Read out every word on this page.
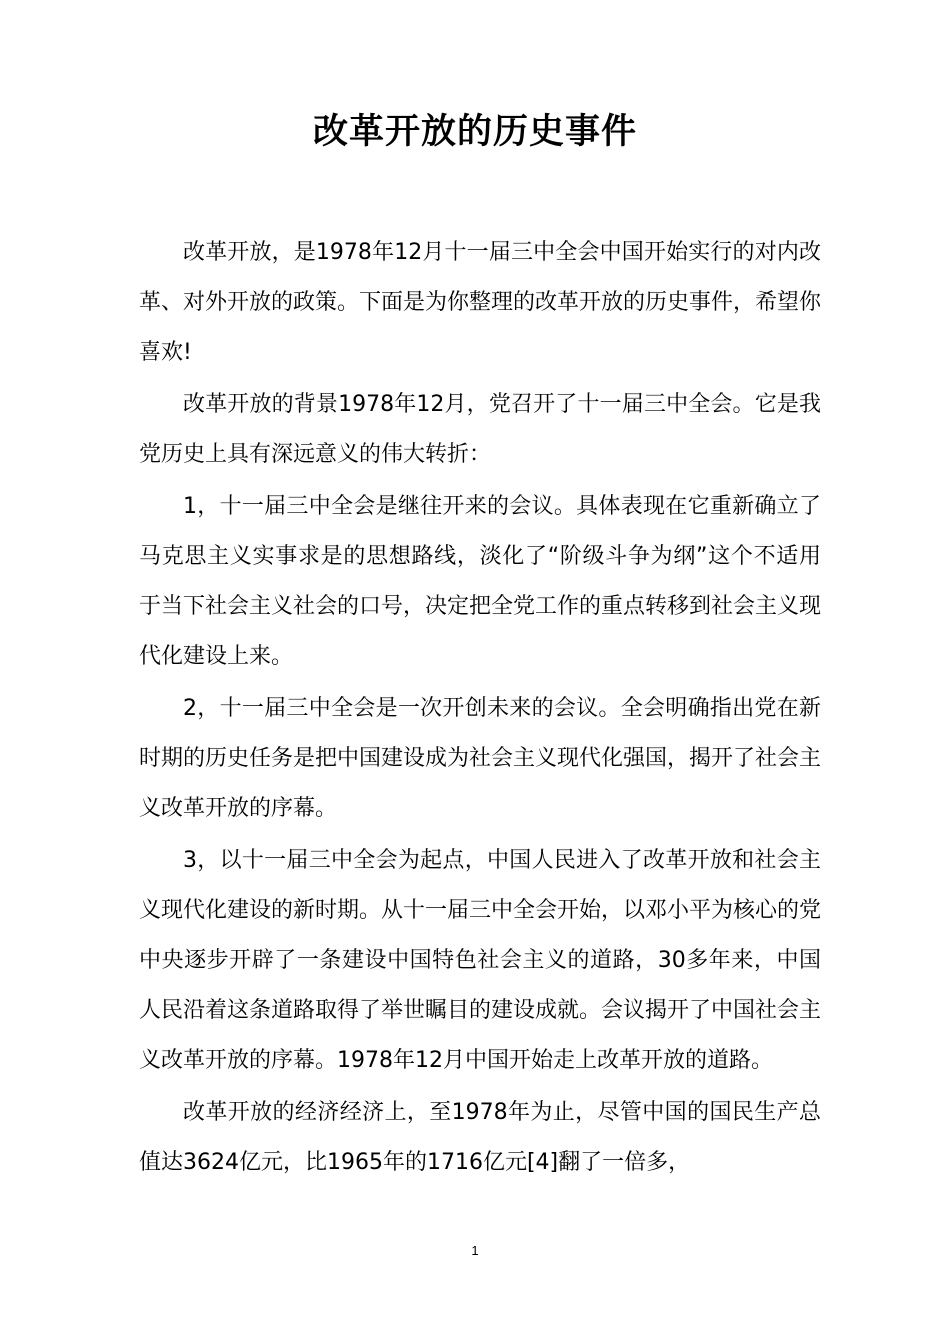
改革开放的历史事件

改革开放，是1978年12月十一届三中全会中国开始实行的对内改革、对外开放的政策。下面是为你整理的改革开放的历史事件，希望你喜欢!

改革开放的背景1978年12月，党召开了十一届三中全会。它是我党历史上具有深远意义的伟大转折：

1，十一届三中全会是继往开来的会议。具体表现在它重新确立了马克思主义实事求是的思想路线，淡化了“阶级斗争为纲”这个不适用于当下社会主义社会的口号，决定把全党工作的重点转移到社会主义现代化建设上来。

2，十一届三中全会是一次开创未来的会议。全会明确指出党在新时期的历史任务是把中国建设成为社会主义现代化强国，揭开了社会主义改革开放的序幕。

3，以十一届三中全会为起点，中国人民进入了改革开放和社会主义现代化建设的新时期。从十一届三中全会开始，以邓小平为核心的党中央逐步开辟了一条建设中国特色社会主义的道路，30多年来，中国人民沿着这条道路取得了举世瞩目的建设成就。会议揭开了中国社会主义改革开放的序幕。1978年12月中国开始走上改革开放的道路。

改革开放的经济经济上，至1978年为止，尽管中国的国民生产总值达3624亿元，比1965年的1716亿元[4]翻了一倍多，

1
